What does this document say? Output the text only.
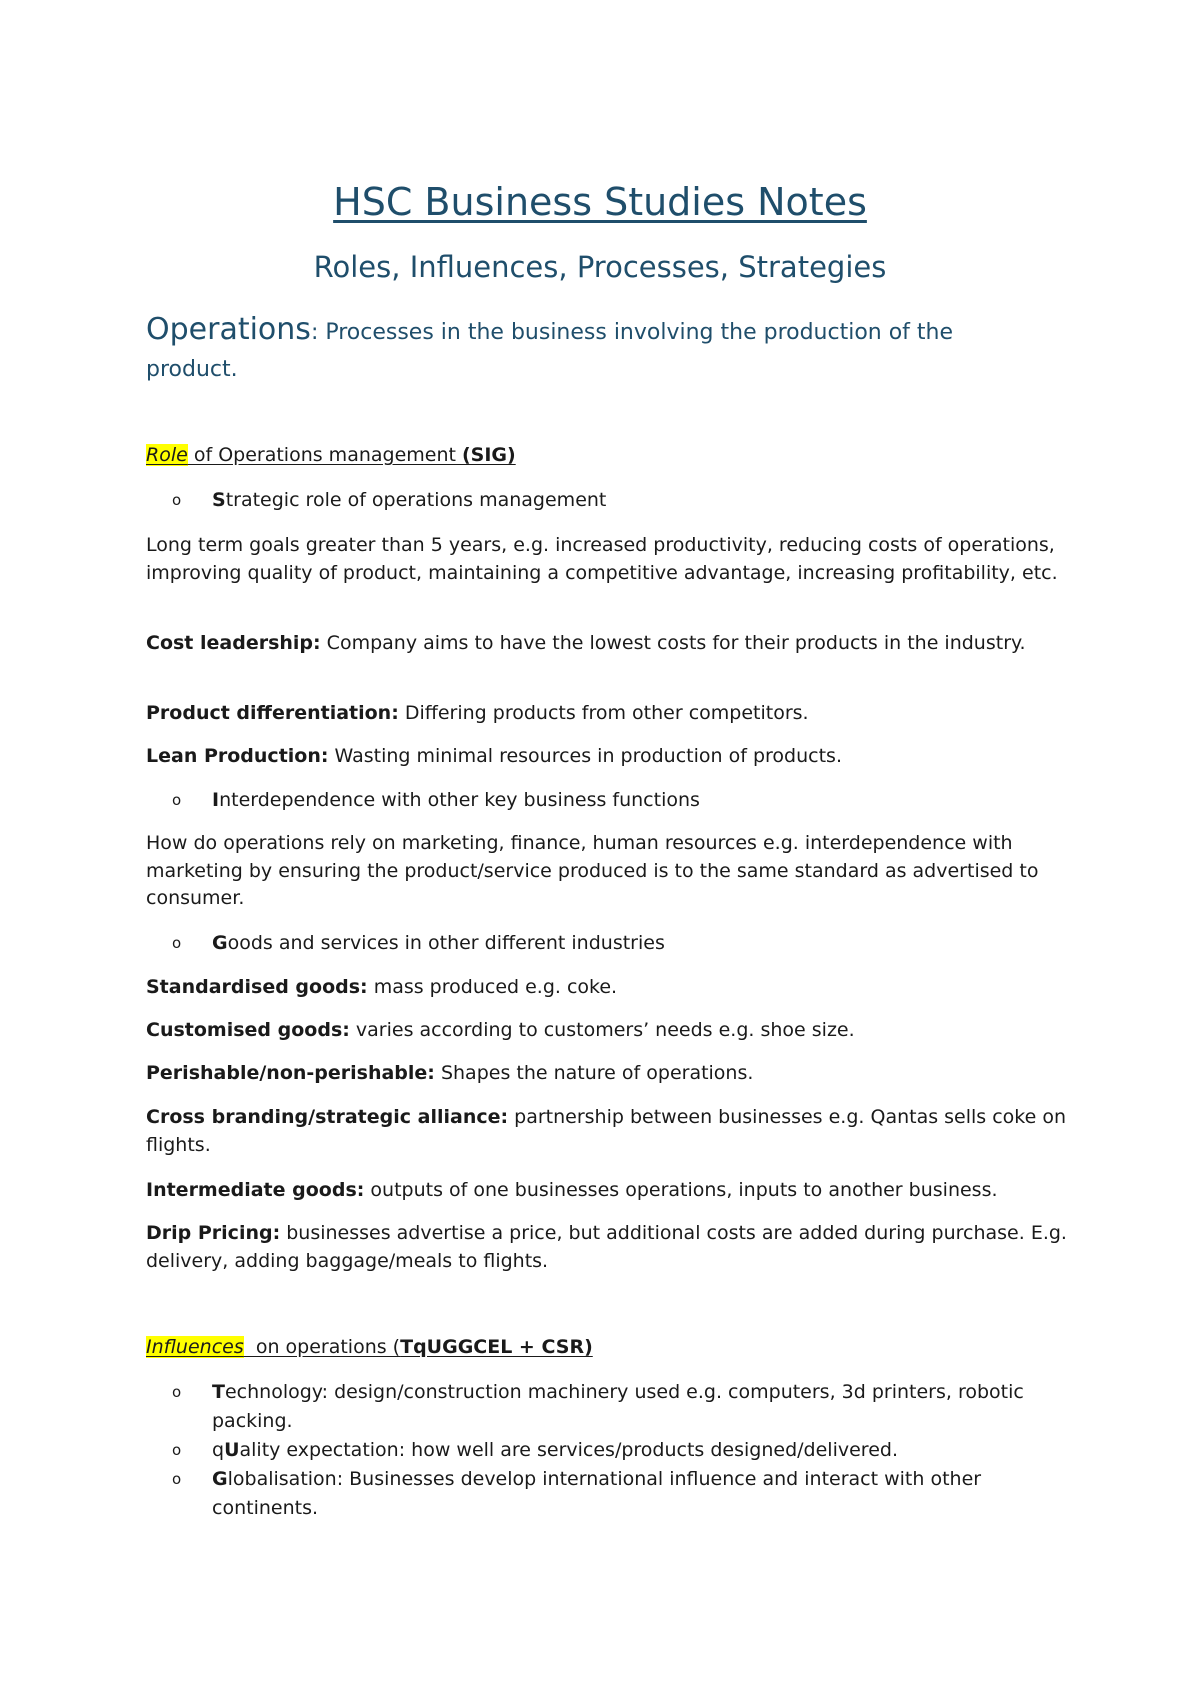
HSC Business Studies Notes
Roles, Influences, Processes, Strategies

Operations: Processes in the business involving the production of the product.

Role of Operations management (SIG)

o Strategic role of operations management

Long term goals greater than 5 years, e.g. increased productivity, reducing costs of operations, improving quality of product, maintaining a competitive advantage, increasing profitability, etc.

Cost leadership: Company aims to have the lowest costs for their products in the industry.

Product differentiation: Differing products from other competitors.

Lean Production: Wasting minimal resources in production of products.

o Interdependence with other key business functions

How do operations rely on marketing, finance, human resources e.g. interdependence with marketing by ensuring the product/service produced is to the same standard as advertised to consumer.

o Goods and services in other different industries

Standardised goods: mass produced e.g. coke.

Customised goods: varies according to customers’ needs e.g. shoe size.

Perishable/non-perishable: Shapes the nature of operations.

Cross branding/strategic alliance: partnership between businesses e.g. Qantas sells coke on flights.

Intermediate goods: outputs of one businesses operations, inputs to another business.

Drip Pricing: businesses advertise a price, but additional costs are added during purchase. E.g. delivery, adding baggage/meals to flights.

Influences  on operations (TqUGGCEL + CSR)

o Technology: design/construction machinery used e.g. computers, 3d printers, robotic packing.
o qUality expectation: how well are services/products designed/delivered.
o Globalisation: Businesses develop international influence and interact with other continents.
